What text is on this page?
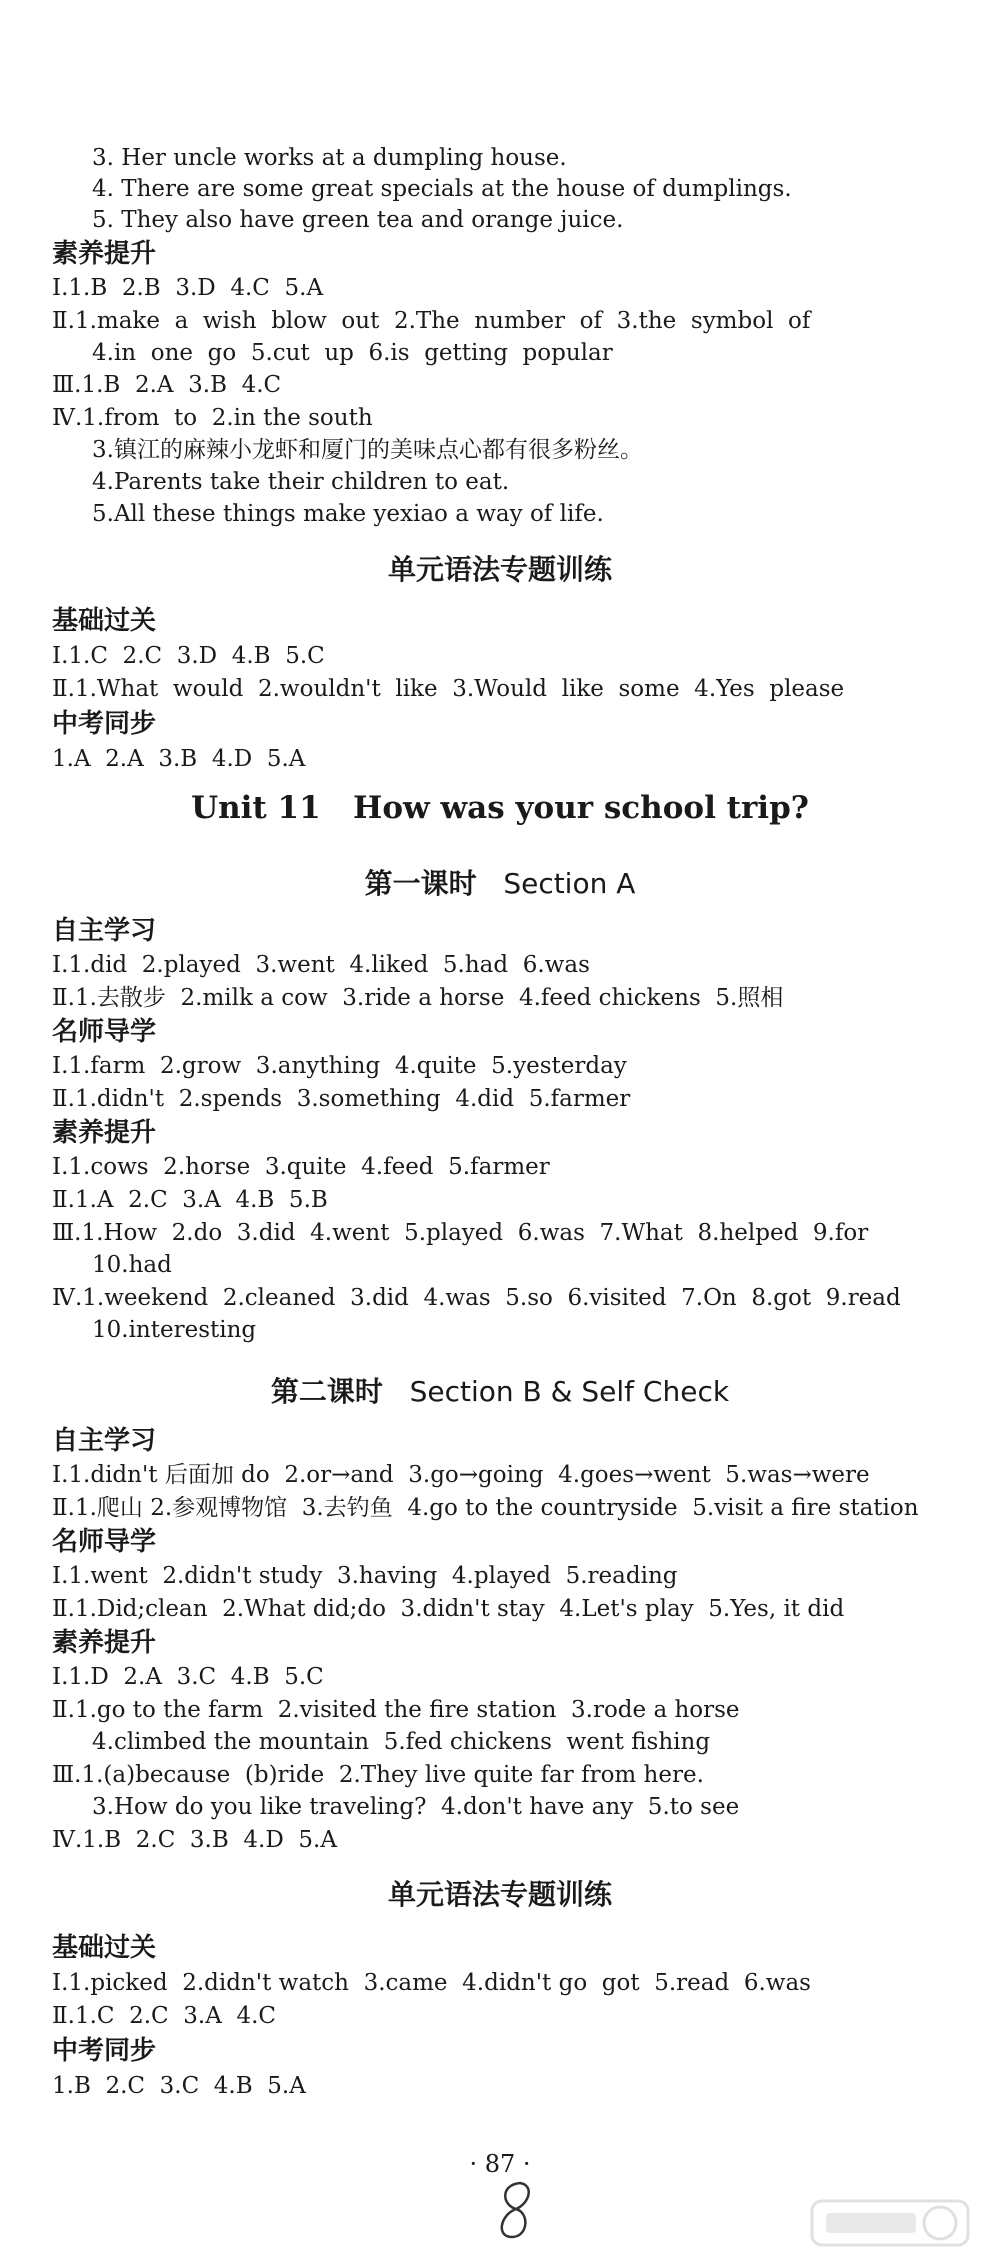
3. Her uncle works at a dumpling house.
4. There are some great specials at the house of dumplings.
5. They also have green tea and orange juice.
素养提升
Ⅰ.1.B  2.B  3.D  4.C  5.A
Ⅱ.1.make  a  wish  blow  out  2.The  number  of  3.the  symbol  of
4.in  one  go  5.cut  up  6.is  getting  popular
Ⅲ.1.B  2.A  3.B  4.C
Ⅳ.1.from  to  2.in the south
3.镇江的麻辣小龙虾和厦门的美味点心都有很多粉丝。
4.Parents take their children to eat.
5.All these things make yexiao a way of life.
单元语法专题训练
基础过关
Ⅰ.1.C  2.C  3.D  4.B  5.C
Ⅱ.1.What  would  2.wouldn't  like  3.Would  like  some  4.Yes  please
中考同步
1.A  2.A  3.B  4.D  5.A
Unit 11   How was your school trip?
第一课时 Section A
自主学习
Ⅰ.1.did  2.played  3.went  4.liked  5.had  6.was
Ⅱ.1.去散步  2.milk a cow  3.ride a horse  4.feed chickens  5.照相
名师导学
Ⅰ.1.farm  2.grow  3.anything  4.quite  5.yesterday
Ⅱ.1.didn't  2.spends  3.something  4.did  5.farmer
素养提升
Ⅰ.1.cows  2.horse  3.quite  4.feed  5.farmer
Ⅱ.1.A  2.C  3.A  4.B  5.B
Ⅲ.1.How  2.do  3.did  4.went  5.played  6.was  7.What  8.helped  9.for
10.had
Ⅳ.1.weekend  2.cleaned  3.did  4.was  5.so  6.visited  7.On  8.got  9.read
10.interesting
第二课时 Section B & Self Check
自主学习
Ⅰ.1.didn't 后面加 do  2.or→and  3.go→going  4.goes→went  5.was→were
Ⅱ.1.爬山 2.参观博物馆  3.去钓鱼  4.go to the countryside  5.visit a fire station
名师导学
Ⅰ.1.went  2.didn't study  3.having  4.played  5.reading
Ⅱ.1.Did;clean  2.What did;do  3.didn't stay  4.Let's play  5.Yes, it did
素养提升
Ⅰ.1.D  2.A  3.C  4.B  5.C
Ⅱ.1.go to the farm  2.visited the fire station  3.rode a horse
4.climbed the mountain  5.fed chickens  went fishing
Ⅲ.1.(a)because  (b)ride  2.They live quite far from here.
3.How do you like traveling?  4.don't have any  5.to see
Ⅳ.1.B  2.C  3.B  4.D  5.A
单元语法专题训练
基础过关
Ⅰ.1.picked  2.didn't watch  3.came  4.didn't go  got  5.read  6.was
Ⅱ.1.C  2.C  3.A  4.C
中考同步
1.B  2.C  3.C  4.B  5.A
· 87 ·
